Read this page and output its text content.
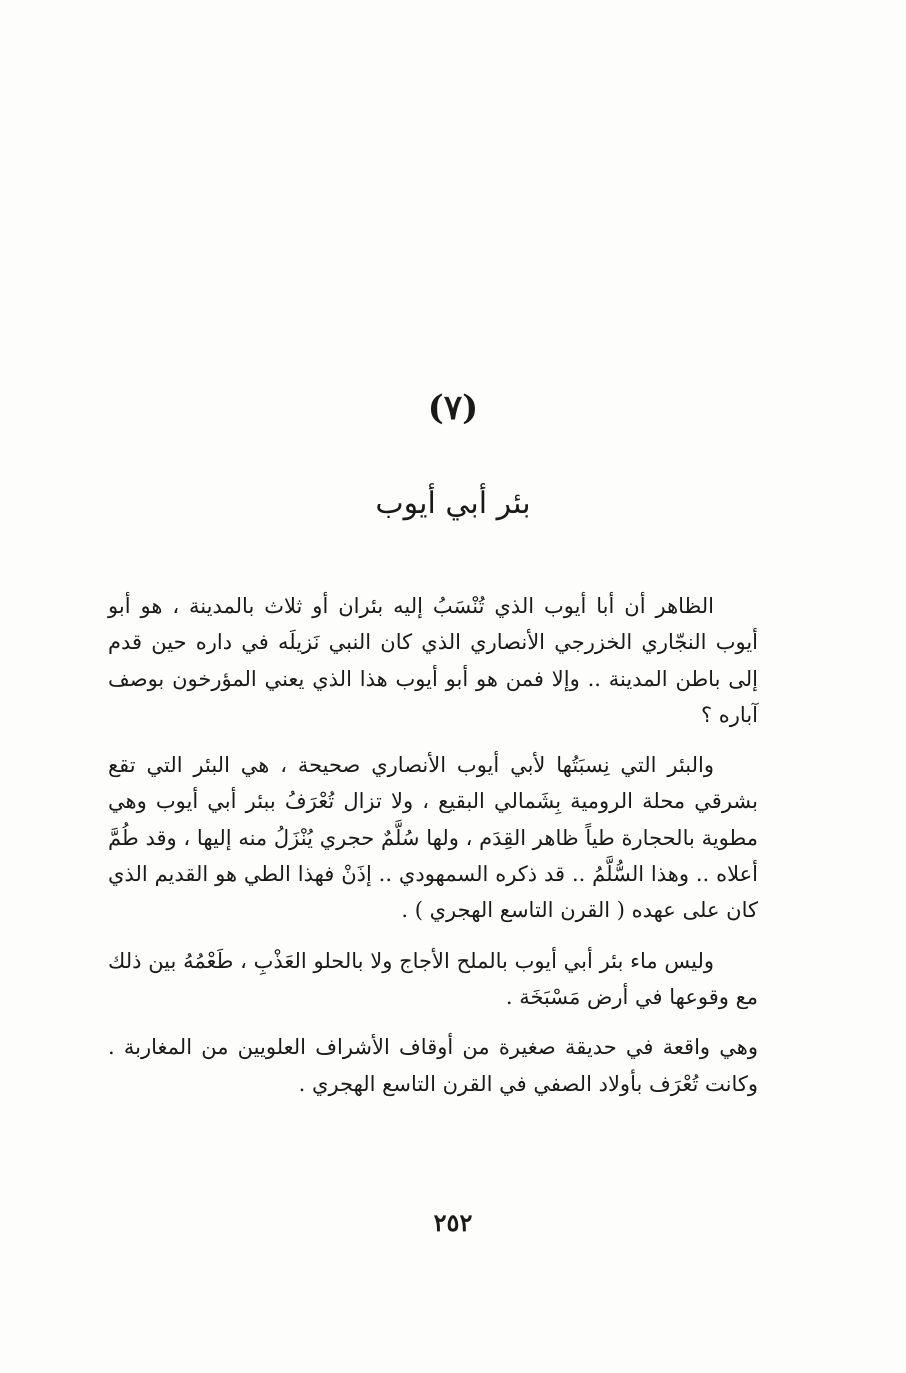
(٧)
بئر أبي أيوب

الظاهر أن أبا أيوب الذي تُنْسَبُ إليه بئران أو ثلاث بالمدينة ، هو أبو أيوب النجّاري الخزرجي الأنصاري الذي كان النبي نَزيلَه في داره حين قدم إلى باطن المدينة .. وإلا فمن هو أبو أيوب هذا الذي يعني المؤرخون بوصف آباره ؟

والبئر التي نِسبَتُها لأبي أيوب الأنصاري صحيحة ، هي البئر التي تقع بشرقي محلة الرومية بِشَمالي البقيع ، ولا تزال تُعْرَفُ ببئر أبي أيوب وهي مطوية بالحجارة طياً ظاهر القِدَم ، ولها سُلَّمٌ حجري يُنْزَلُ منه إليها ، وقد طُمَّ أعلاه .. وهذا السُّلَّمُ .. قد ذكره السمهودي .. إذَنْ فهذا الطي هو القديم الذي كان على عهده ( القرن التاسع الهجري ) .

وليس ماء بئر أبي أيوب بالملح الأجاج ولا بالحلو العَذْبِ ، طَعْمُهُ بين ذلك مع وقوعها في أرض مَسْبَخَة .

وهي واقعة في حديقة صغيرة من أوقاف الأشراف العلويين من المغاربة . وكانت تُعْرَف بأولاد الصفي في القرن التاسع الهجري .

٢٥٢
